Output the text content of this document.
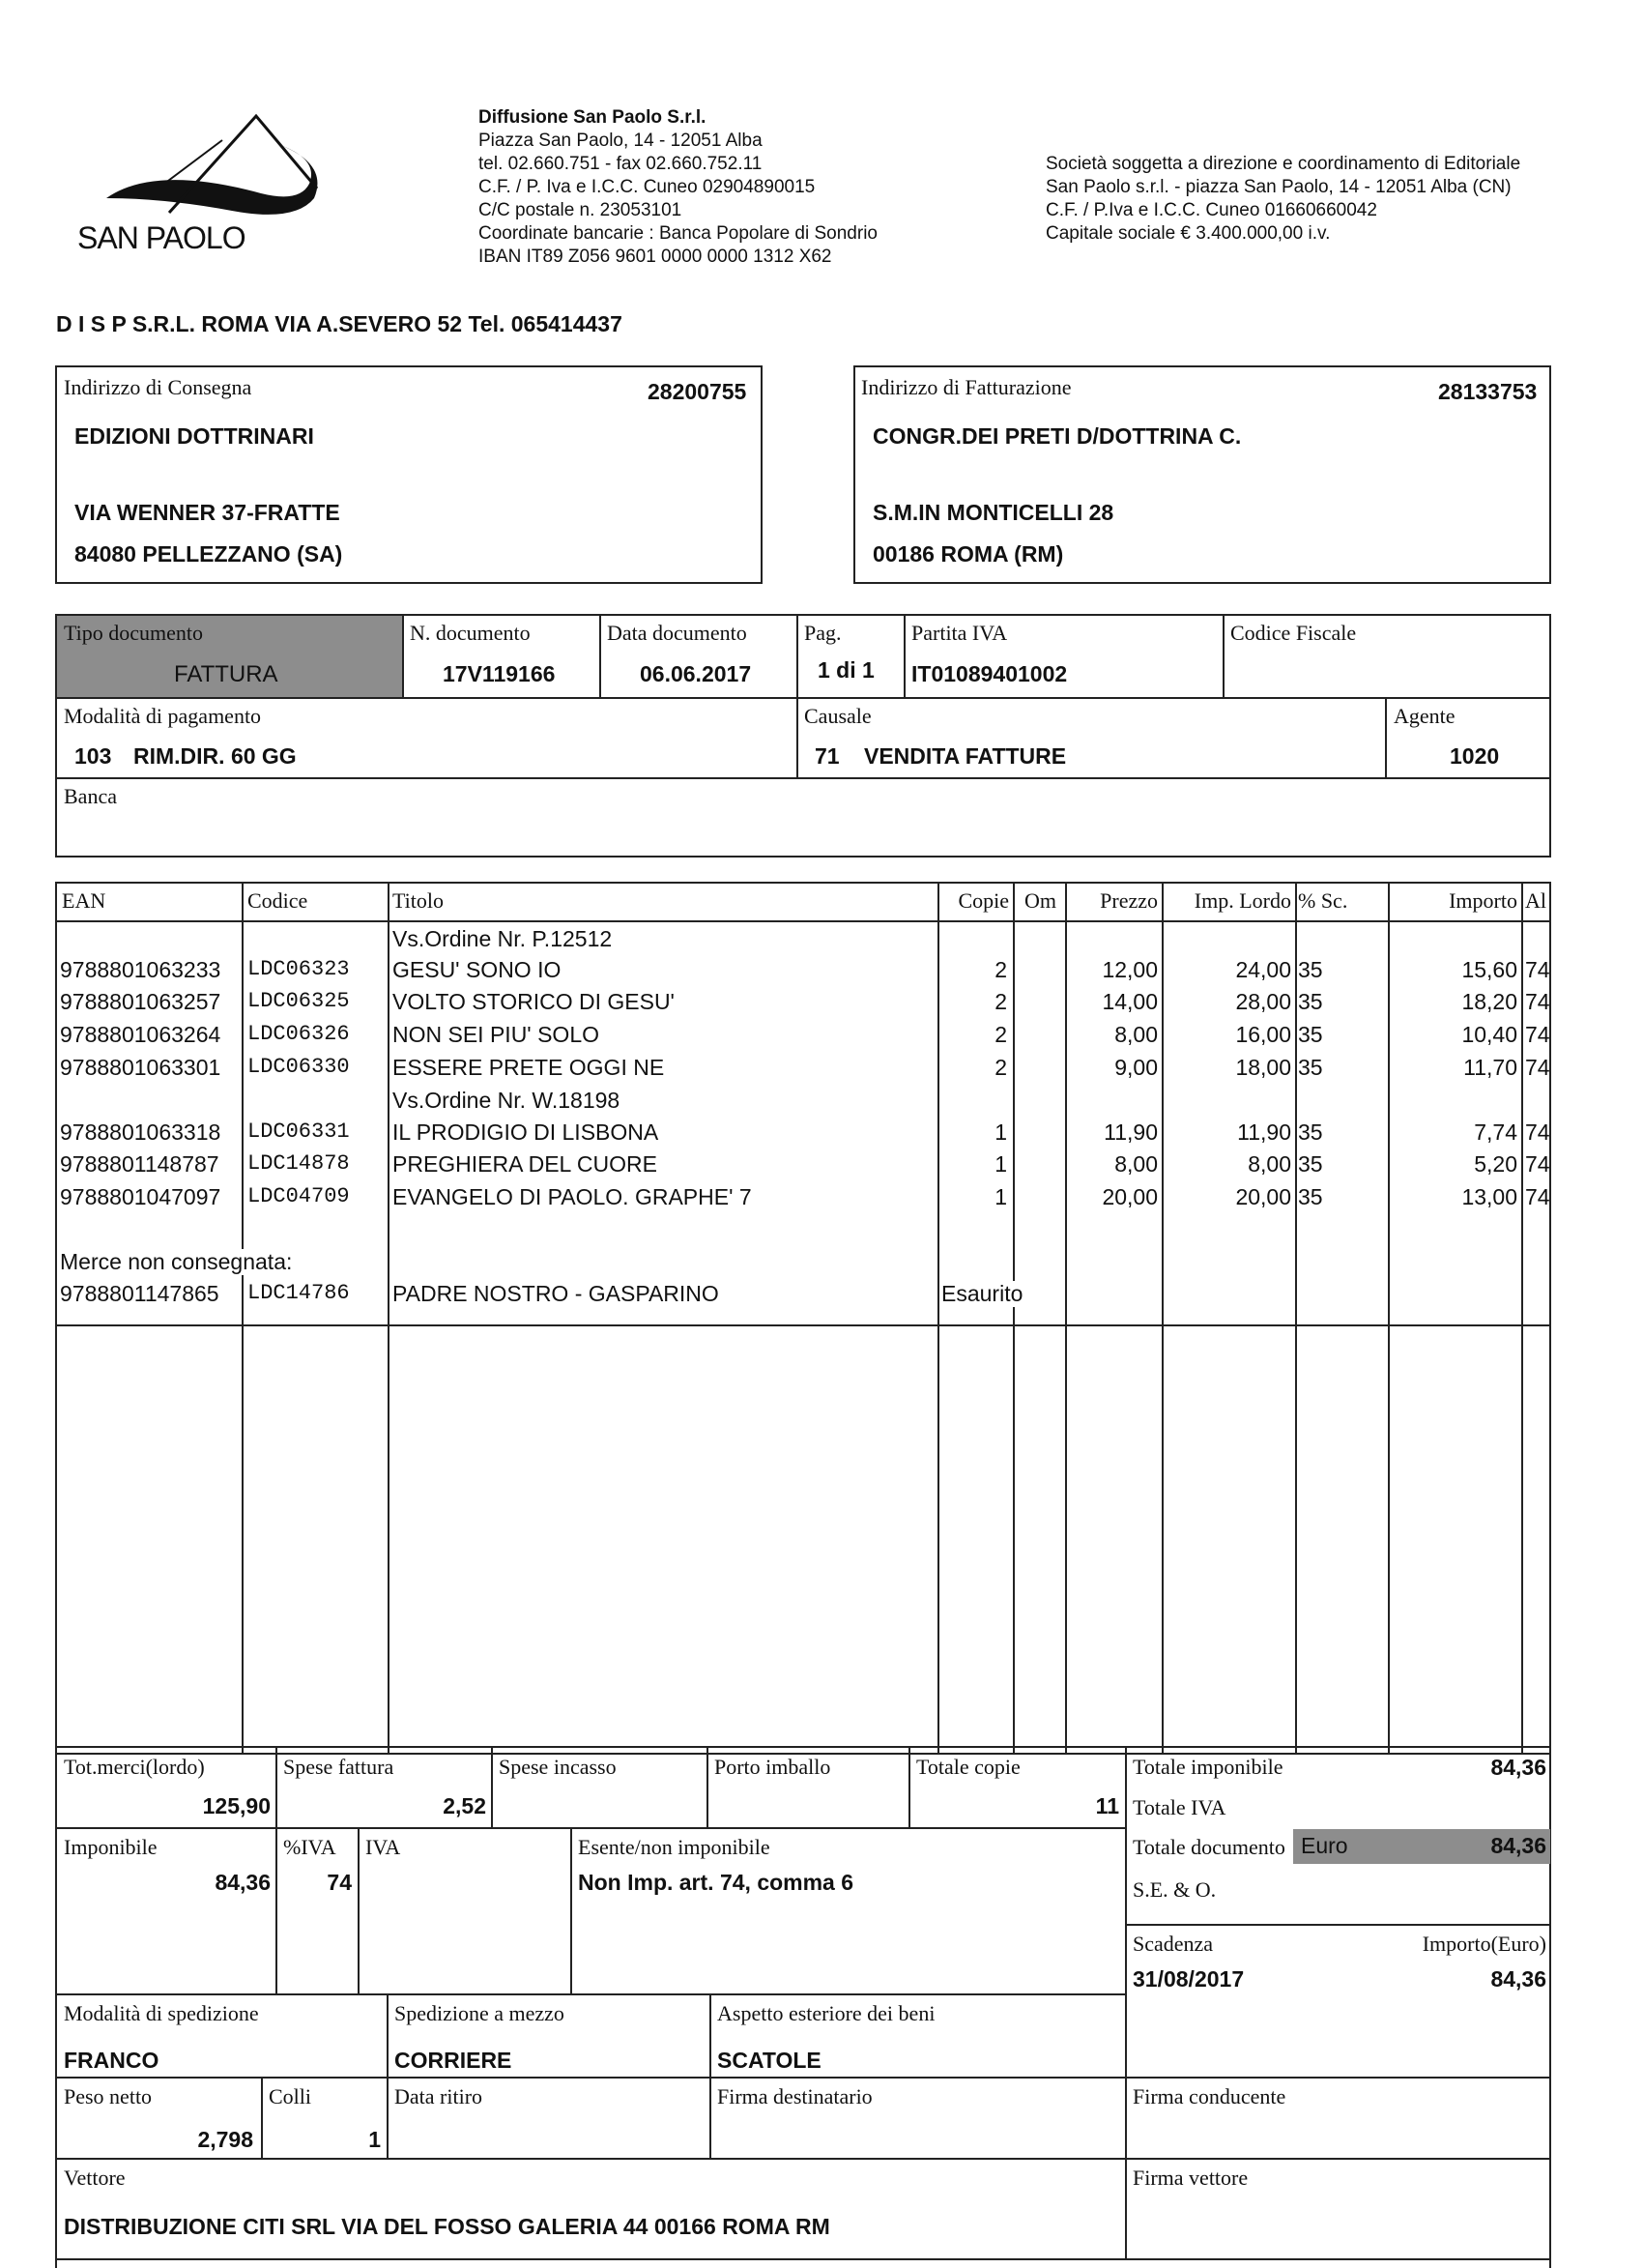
SAN PAOLO
Diffusione San Paolo S.r.l.
Piazza San Paolo, 14 - 12051 Alba
tel. 02.660.751 - fax 02.660.752.11
C.F. / P. Iva e I.C.C. Cuneo 02904890015
C/C postale n. 23053101
Coordinate bancarie : Banca Popolare di Sondrio
IBAN IT89 Z056 9601 0000 0000 1312 X62
Società soggetta a direzione e coordinamento di Editoriale
San Paolo s.r.l. - piazza San Paolo, 14 - 12051 Alba (CN)
C.F. / P.Iva e I.C.C. Cuneo 01660660042
Capitale sociale € 3.400.000,00 i.v.
D I S P S.R.L. ROMA VIA A.SEVERO 52 Tel. 065414437
Indirizzo di Consegna	28200755
EDIZIONI DOTTRINARI
VIA WENNER 37-FRATTE
84080 PELLEZZANO (SA)
Indirizzo di Fatturazione	28133753
CONGR.DEI PRETI D/DOTTRINA C.
S.M.IN MONTICELLI 28
00186 ROMA (RM)
Tipo documento
FATTURA
N. documento
17V119166
Data documento
06.06.2017
Pag.
1 di 1
Partita IVA
IT01089401002
Codice Fiscale
Modalità di pagamento
103 RIM.DIR. 60 GG
Causale
71 VENDITA FATTURE
Agente
1020
Banca
EAN	Codice	Titolo	Copie Om	Prezzo	Imp. Lordo % Sc.	Importo Al
Vs.Ordine Nr. P.12512
9788801063233 LDC06323 GESU' SONO IO	2	12,00	24,00 35	15,60 74
9788801063257 LDC06325 VOLTO STORICO DI GESU'	2	14,00	28,00 35	18,20 74
9788801063264 LDC06326 NON SEI PIU' SOLO	2	8,00	16,00 35	10,40 74
9788801063301 LDC06330 ESSERE PRETE OGGI NE	2	9,00	18,00 35	11,70 74
Vs.Ordine Nr. W.18198
9788801063318 LDC06331 IL PRODIGIO DI LISBONA	1	11,90	11,90 35	7,74 74
9788801148787 LDC14878 PREGHIERA DEL CUORE	1	8,00	8,00 35	5,20 74
9788801047097 LDC04709 EVANGELO DI PAOLO. GRAPHE' 7	1	20,00	20,00 35	13,00 74
Merce non consegnata:
9788801147865 LDC14786 PADRE NOSTRO - GASPARINO	Esaurito
Tot.merci(lordo)
125,90
Spese fattura
2,52
Spese incasso	Porto imballo	Totale copie
11
Totale imponibile	84,36
Totale IVA
Imponibile
84,36
%IVA
74
IVA	Esente/non imponibile
Non Imp. art. 74, comma 6
Totale documento Euro	84,36
S.E. & O.
Scadenza
31/08/2017
Importo(Euro)
84,36
Modalità di spedizione
FRANCO
Spedizione a mezzo
CORRIERE
Aspetto esteriore dei beni
SCATOLE
Peso netto
2,798
Colli
1
Data ritiro	Firma destinatario	Firma conducente
Vettore
DISTRIBUZIONE CITI SRL VIA DEL FOSSO GALERIA 44 00166 ROMA RM
Firma vettore
